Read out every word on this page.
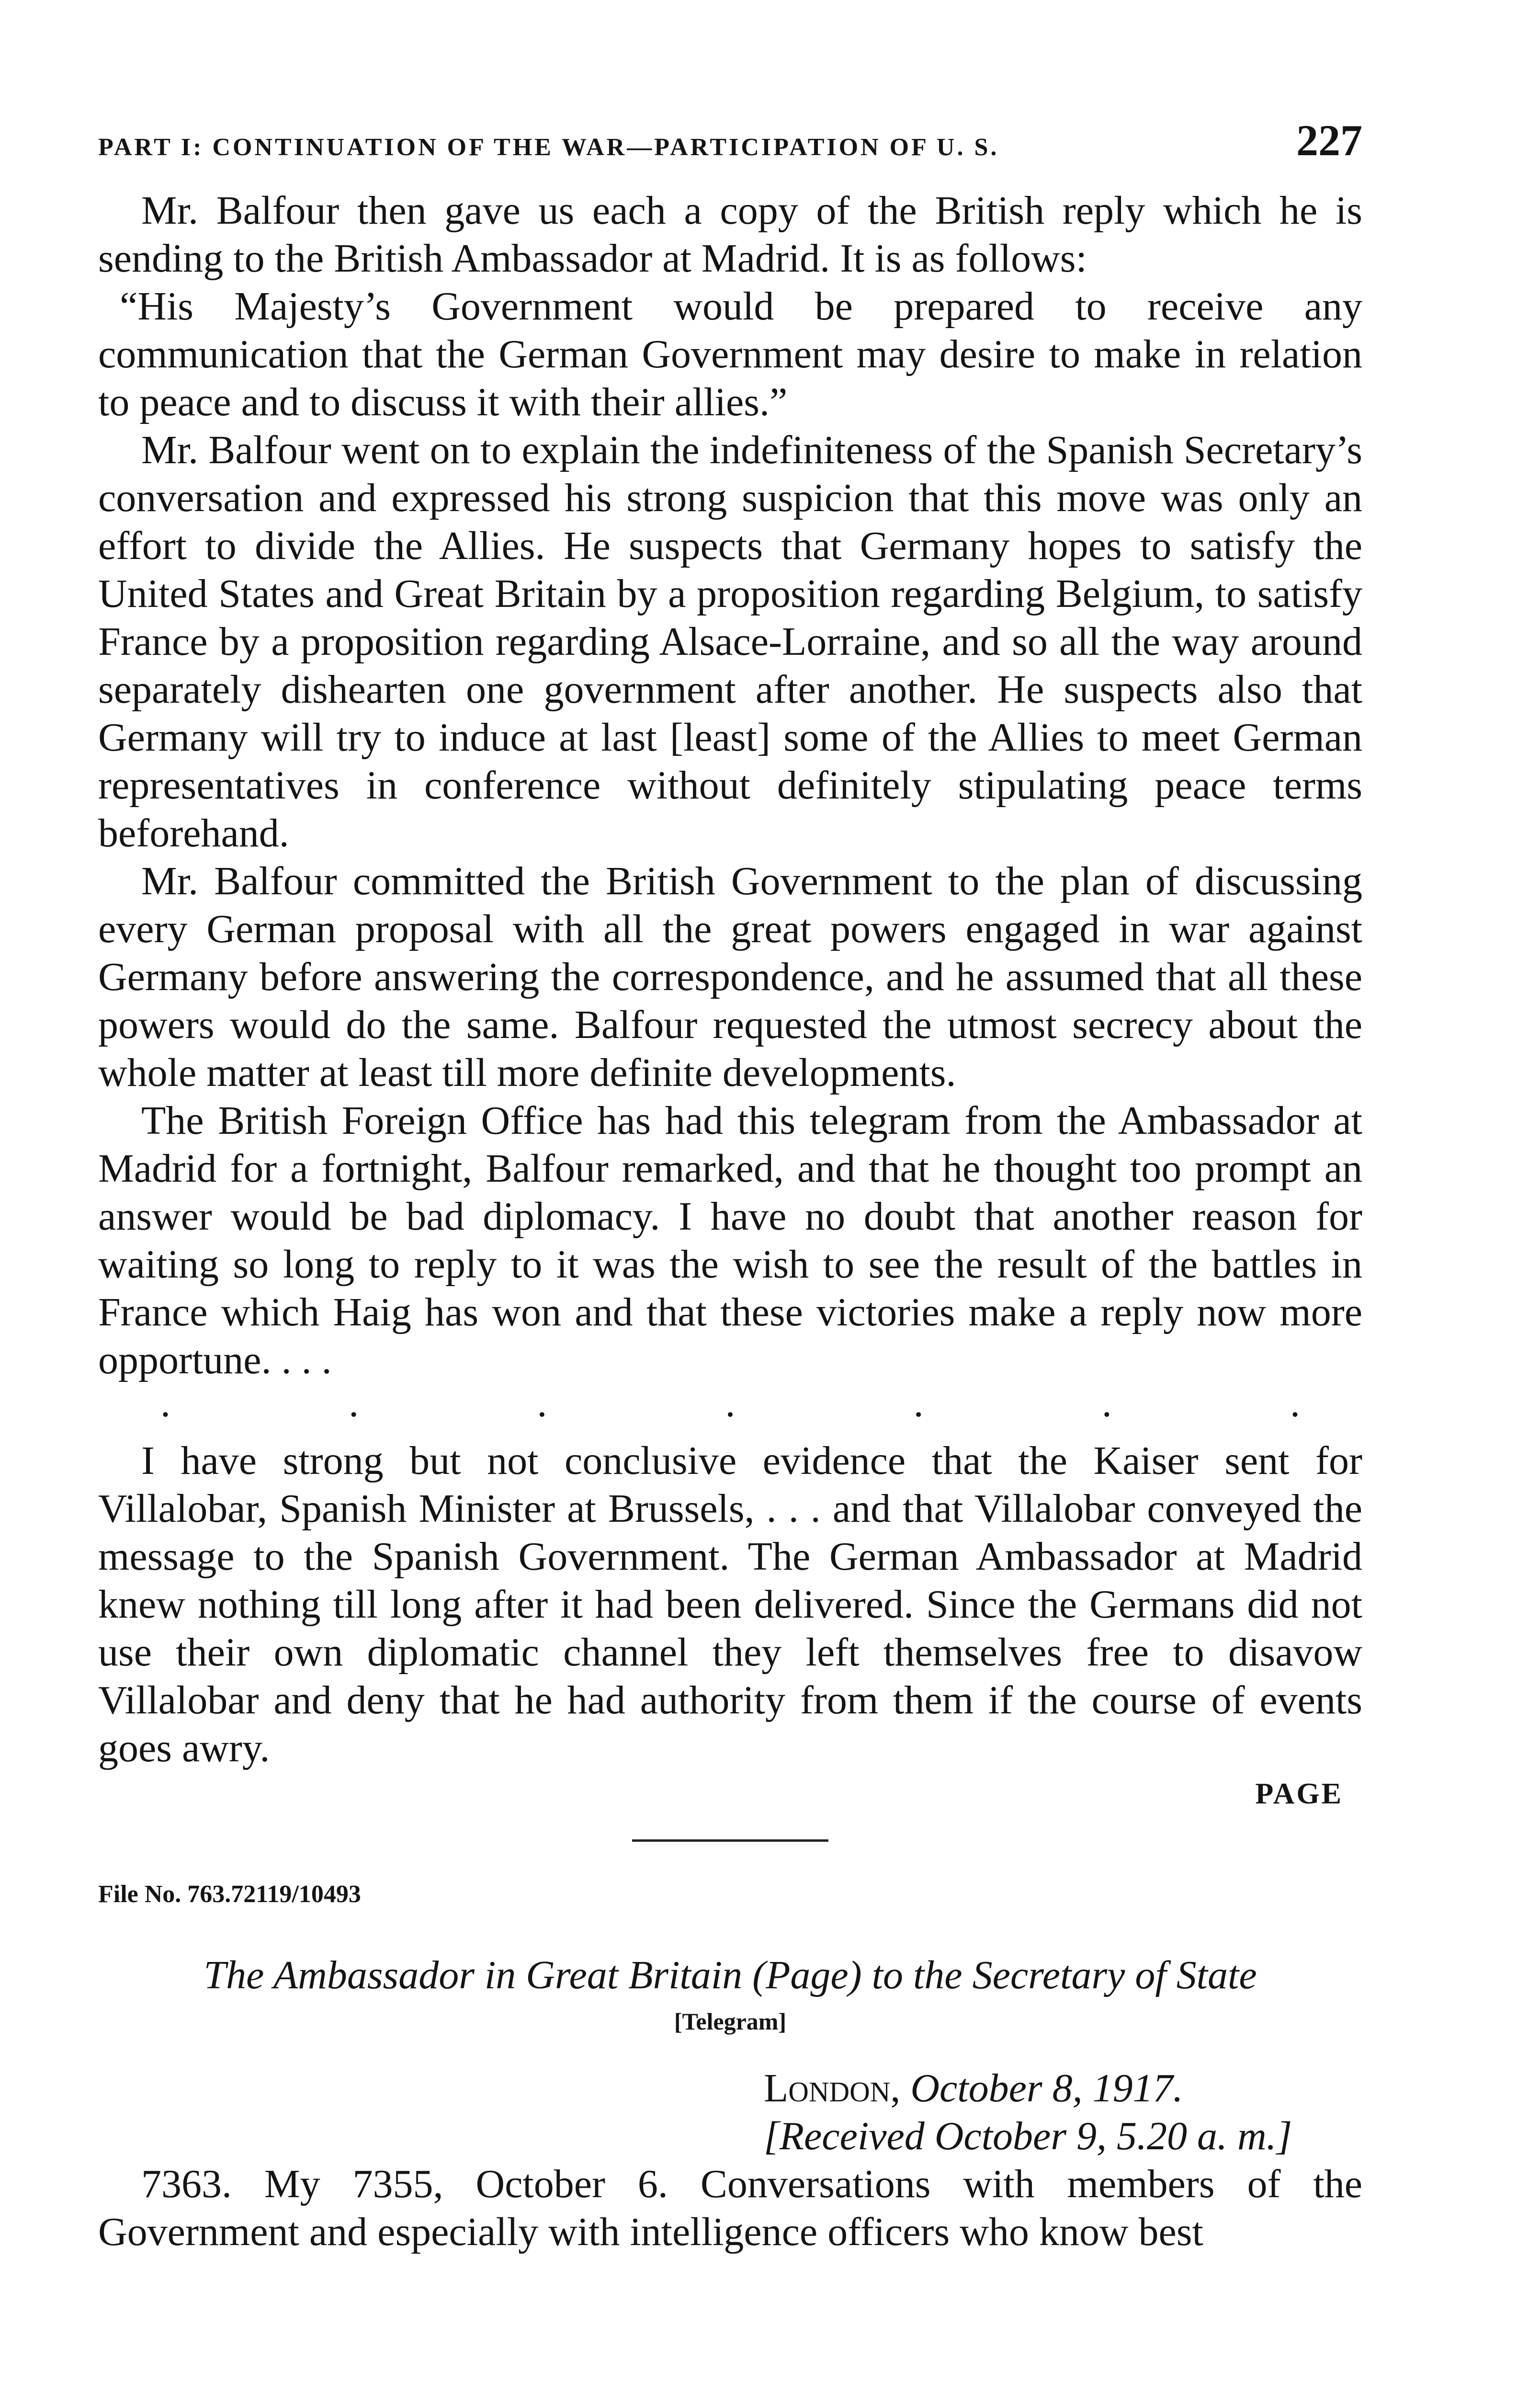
PART I: CONTINUATION OF THE WAR—PARTICIPATION OF U. S.	227

Mr. Balfour then gave us each a copy of the British reply which he is sending to the British Ambassador at Madrid. It is as follows:

“His Majesty’s Government would be prepared to receive any communication that the German Government may desire to make in relation to peace and to discuss it with their allies.”

Mr. Balfour went on to explain the indefiniteness of the Spanish Secretary’s conversation and expressed his strong suspicion that this move was only an effort to divide the Allies. He suspects that Germany hopes to satisfy the United States and Great Britain by a proposition regarding Belgium, to satisfy France by a proposition regarding Alsace-Lorraine, and so all the way around separately dishearten one government after another. He suspects also that Germany will try to induce at last [least] some of the Allies to meet German representatives in conference without definitely stipulating peace terms beforehand.

Mr. Balfour committed the British Government to the plan of discussing every German proposal with all the great powers engaged in war against Germany before answering the correspondence, and he assumed that all these powers would do the same. Balfour requested the utmost secrecy about the whole matter at least till more definite developments.

The British Foreign Office has had this telegram from the Ambassador at Madrid for a fortnight, Balfour remarked, and that he thought too prompt an answer would be bad diplomacy. I have no doubt that another reason for waiting so long to reply to it was the wish to see the result of the battles in France which Haig has won and that these victories make a reply now more opportune. . . .

.	.	.	.	.	.	.

I have strong but not conclusive evidence that the Kaiser sent for Villalobar, Spanish Minister at Brussels, . . . and that Villalobar conveyed the message to the Spanish Government. The German Ambassador at Madrid knew nothing till long after it had been delivered. Since the Germans did not use their own diplomatic channel they left themselves free to disavow Villalobar and deny that he had authority from them if the course of events goes awry.

PAGE
File No. 763.72119/10493
The Ambassador in Great Britain (Page) to the Secretary of State
[Telegram]
London, October 8, 1917.
[Received October 9, 5.20 a. m.]

7363. My 7355, October 6. Conversations with members of the Government and especially with intelligence officers who know best
